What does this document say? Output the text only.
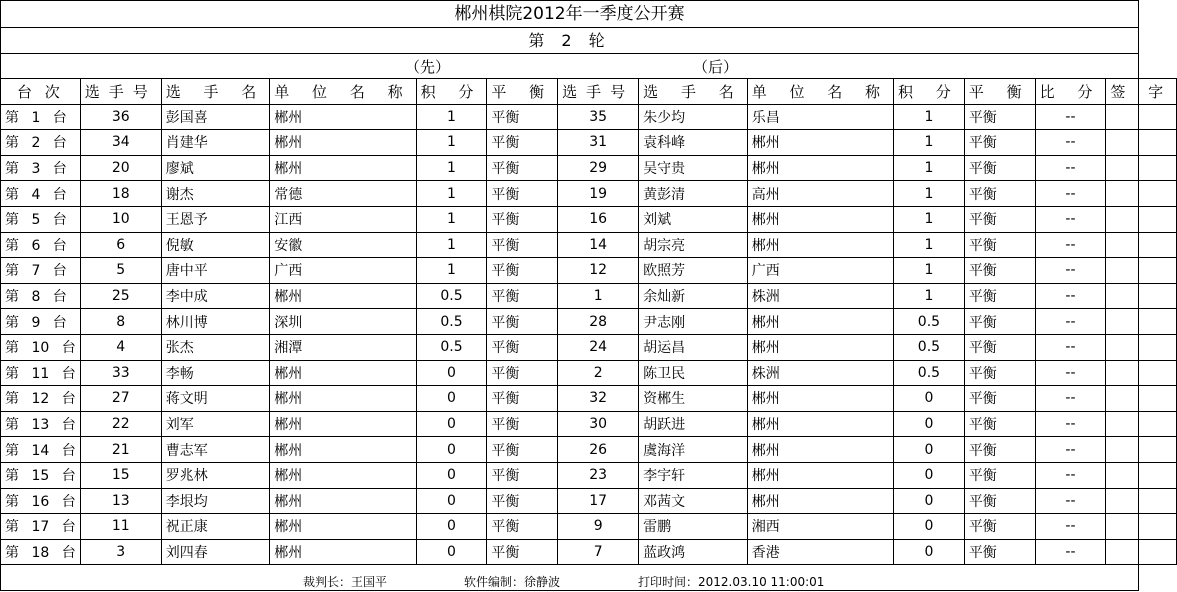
郴州棋院2012年一季度公开赛
第 2 轮
（先）	（后）
台 次	选手号	选 手 名	单 位 名 称	积 分	平 衡	选手号	选 手 名	单 位 名 称	积 分	平 衡	比 分	签 字
第 1 台	36	彭国喜	郴州	1	平衡	35	朱少均	乐昌	1	平衡	--	
第 2 台	34	肖建华	郴州	1	平衡	31	袁科峰	郴州	1	平衡	--	
第 3 台	20	廖斌	郴州	1	平衡	29	吴守贵	郴州	1	平衡	--	
第 4 台	18	谢杰	常德	1	平衡	19	黄彭清	高州	1	平衡	--	
第 5 台	10	王恩予	江西	1	平衡	16	刘斌	郴州	1	平衡	--	
第 6 台	6	倪敏	安徽	1	平衡	14	胡宗亮	郴州	1	平衡	--	
第 7 台	5	唐中平	广西	1	平衡	12	欧照芳	广西	1	平衡	--	
第 8 台	25	李中成	郴州	0.5	平衡	1	余灿新	株洲	1	平衡	--	
第 9 台	8	林川博	深圳	0.5	平衡	28	尹志刚	郴州	0.5	平衡	--	
第 10 台	4	张杰	湘潭	0.5	平衡	24	胡运昌	郴州	0.5	平衡	--	
第 11 台	33	李畅	郴州	0	平衡	2	陈卫民	株洲	0.5	平衡	--	
第 12 台	27	蒋文明	郴州	0	平衡	32	资郴生	郴州	0	平衡	--	
第 13 台	22	刘军	郴州	0	平衡	30	胡跃进	郴州	0	平衡	--	
第 14 台	21	曹志军	郴州	0	平衡	26	虞海洋	郴州	0	平衡	--	
第 15 台	15	罗兆林	郴州	0	平衡	23	李宇轩	郴州	0	平衡	--	
第 16 台	13	李垠均	郴州	0	平衡	17	邓茜文	郴州	0	平衡	--	
第 17 台	11	祝正康	郴州	0	平衡	9	雷鹏	湘西	0	平衡	--	
第 18 台	3	刘四春	郴州	0	平衡	7	蓝政鸿	香港	0	平衡	--	
裁判长：王国平	软件编制：徐静波	打印时间：2012.03.10 11:00:01
